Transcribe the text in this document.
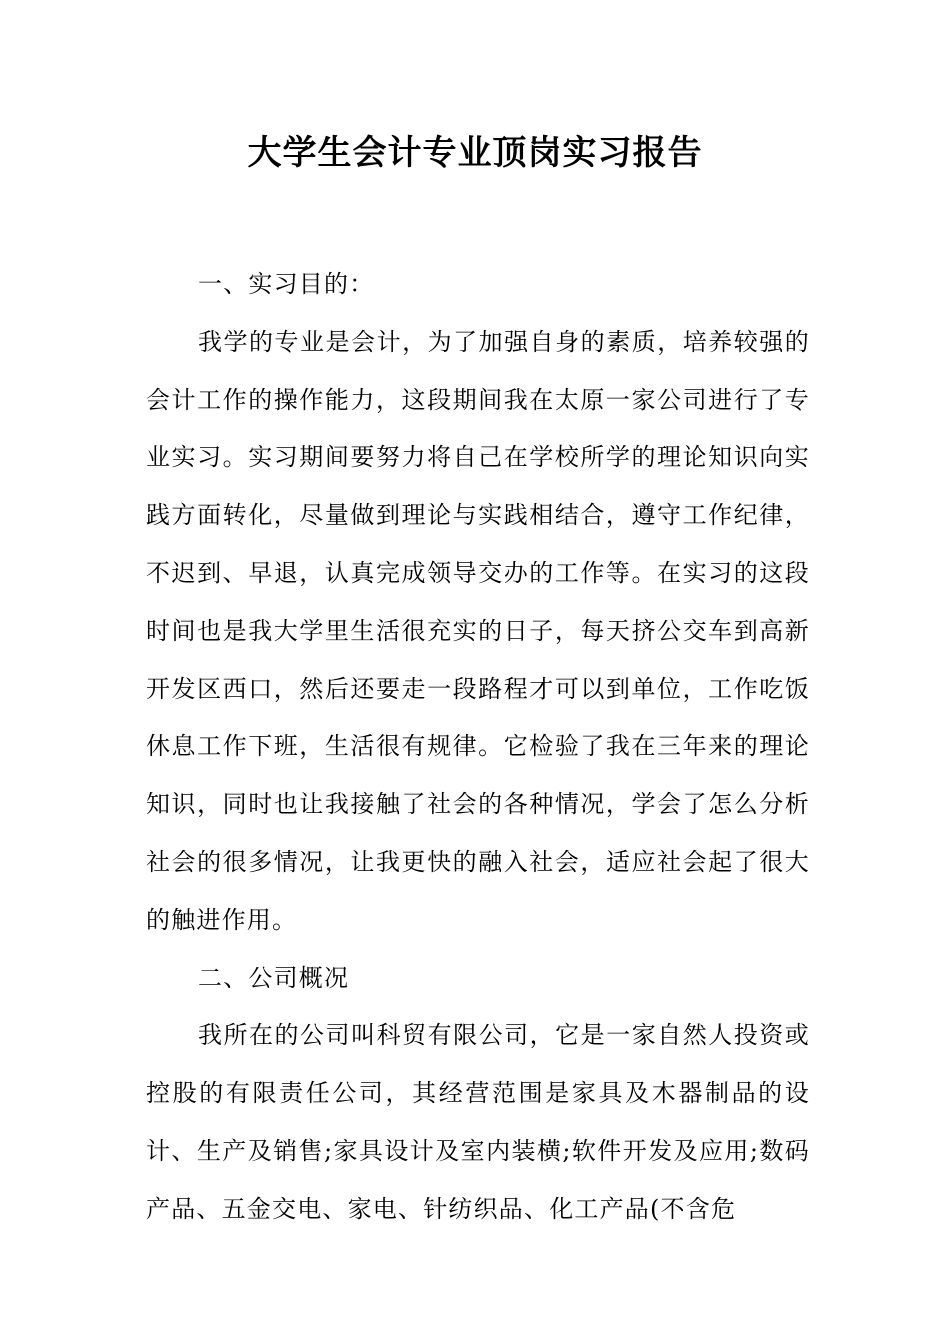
大学生会计专业顶岗实习报告

一、实习目的：

我学的专业是会计，为了加强自身的素质，培养较强的会计工作的操作能力，这段期间我在太原一家公司进行了专业实习。实习期间要努力将自己在学校所学的理论知识向实践方面转化，尽量做到理论与实践相结合，遵守工作纪律，不迟到、早退，认真完成领导交办的工作等。在实习的这段时间也是我大学里生活很充实的日子，每天挤公交车到高新开发区西口，然后还要走一段路程才可以到单位，工作吃饭休息工作下班，生活很有规律。它检验了我在三年来的理论知识，同时也让我接触了社会的各种情况，学会了怎么分析社会的很多情况，让我更快的融入社会，适应社会起了很大的触进作用。

二、公司概况

我所在的公司叫科贸有限公司，它是一家自然人投资或控股的有限责任公司，其经营范围是家具及木器制品的设计、生产及销售;家具设计及室内装横;软件开发及应用;数码产品、五金交电、家电、针纺织品、化工产品(不含危
